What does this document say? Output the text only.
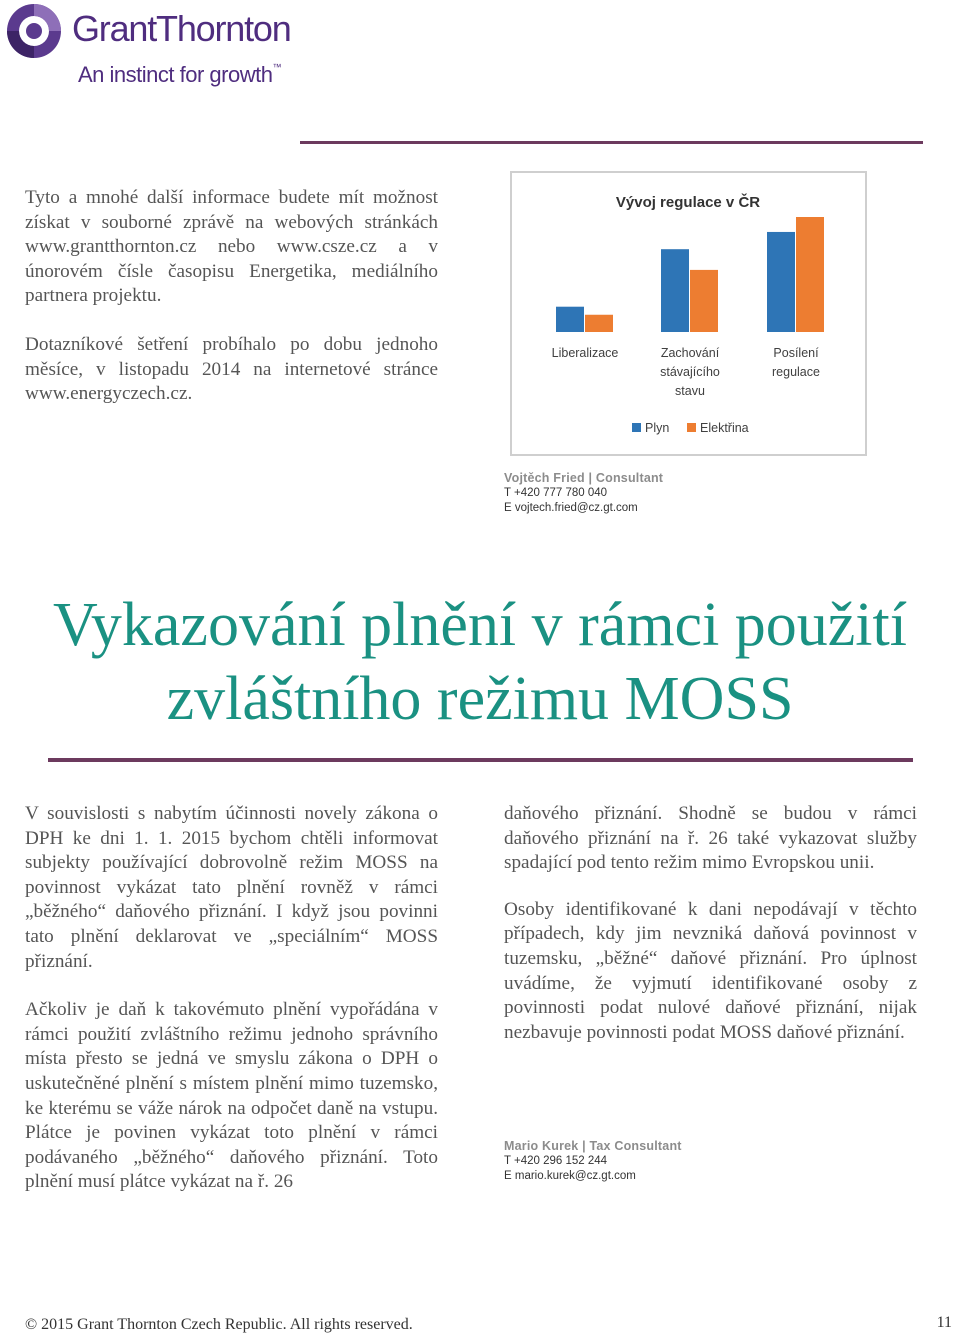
GrantThornton
An instinct for growth™

Tyto a mnohé další informace budete mít možnost získat v souborné zprávě na webových stránkách www.grantthornton.cz nebo www.csze.cz a v únorovém čísle časopisu Energetika, mediálního partnera projektu.

Dotazníkové šetření probíhalo po dobu jednoho měsíce, v listopadu 2014 na internetové stránce www.energyczech.cz.

Vývoj regulace v ČR
Liberalizace	Zachování
stávajícího
stavu
Posílení
regulace
Plyn Elektřina
Vojtěch Fried | Consultant
T +420 777 780 040
E vojtech.fried@cz.gt.com
Vykazování plnění v rámci použití
zvláštního režimu MOSS

V souvislosti s nabytím účinnosti novely zákona o DPH ke dni 1. 1. 2015 bychom chtěli informovat subjekty používající dobrovolně režim MOSS na povinnost vykázat tato plnění rovněž v rámci „běžného“ daňového přiznání. I když jsou povinni tato plnění deklarovat ve „speciálním“ MOSS přiznání.

Ačkoliv je daň k takovémuto plnění vypořádána v rámci použití zvláštního režimu jednoho správního místa přesto se jedná ve smyslu zákona o DPH o uskutečněné plnění s místem plnění mimo tuzemsko, ke kterému se váže nárok na odpočet daně na vstupu. Plátce je povinen vykázat toto plnění v rámci podávaného „běžného“ daňového přiznání. Toto plnění musí plátce vykázat na ř. 26

daňového přiznání. Shodně se budou v rámci daňového přiznání na ř. 26 také vykazovat služby spadající pod tento režim mimo Evropskou unii.

Osoby identifikované k dani nepodávají v těchto případech, kdy jim nevzniká daňová povinnost v tuzemsku, „běžné“ daňové přiznání. Pro úplnost uvádíme, že vyjmutí identifikované osoby z povinnosti podat nulové daňové přiznání, nijak nezbavuje povinnosti podat MOSS daňové přiznání.

Mario Kurek | Tax Consultant
T +420 296 152 244
E mario.kurek@cz.gt.com
© 2015 Grant Thornton Czech Republic. All rights reserved.	11
